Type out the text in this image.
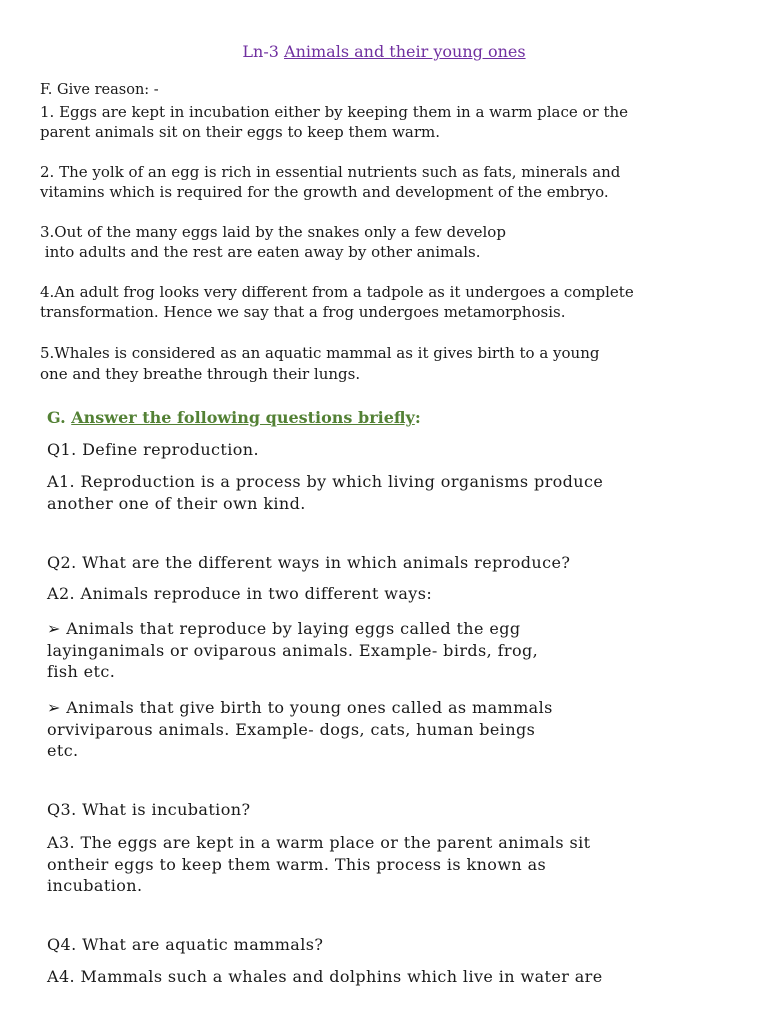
Ln-3 Animals and their young ones
F. Give reason: -
1. Eggs are kept in incubation either by keeping them in a warm place or the
parent animals sit on their eggs to keep them warm.
2. The yolk of an egg is rich in essential nutrients such as fats, minerals and
vitamins which is required for the growth and development of the embryo.
3.Out of the many eggs laid by the snakes only a few develop
into adults and the rest are eaten away by other animals.
4.An adult frog looks very different from a tadpole as it undergoes a complete
transformation. Hence we say that a frog undergoes metamorphosis.
5.Whales is considered as an aquatic mammal as it gives birth to a young
one and they breathe through their lungs.
G. Answer the following questions briefly:
Q1. Define reproduction.
A1. Reproduction is a process by which living organisms produce
another one of their own kind.
Q2. What are the different ways in which animals reproduce?
A2. Animals reproduce in two different ways:
➢ Animals that reproduce by laying eggs called the egg
layinganimals or oviparous animals. Example- birds, frog,
fish etc.
➢ Animals that give birth to young ones called as mammals
orviviparous animals. Example- dogs, cats, human beings
etc.
Q3. What is incubation?
A3. The eggs are kept in a warm place or the parent animals sit
ontheir eggs to keep them warm. This process is known as
incubation.
Q4. What are aquatic mammals?
A4. Mammals such a whales and dolphins which live in water are
